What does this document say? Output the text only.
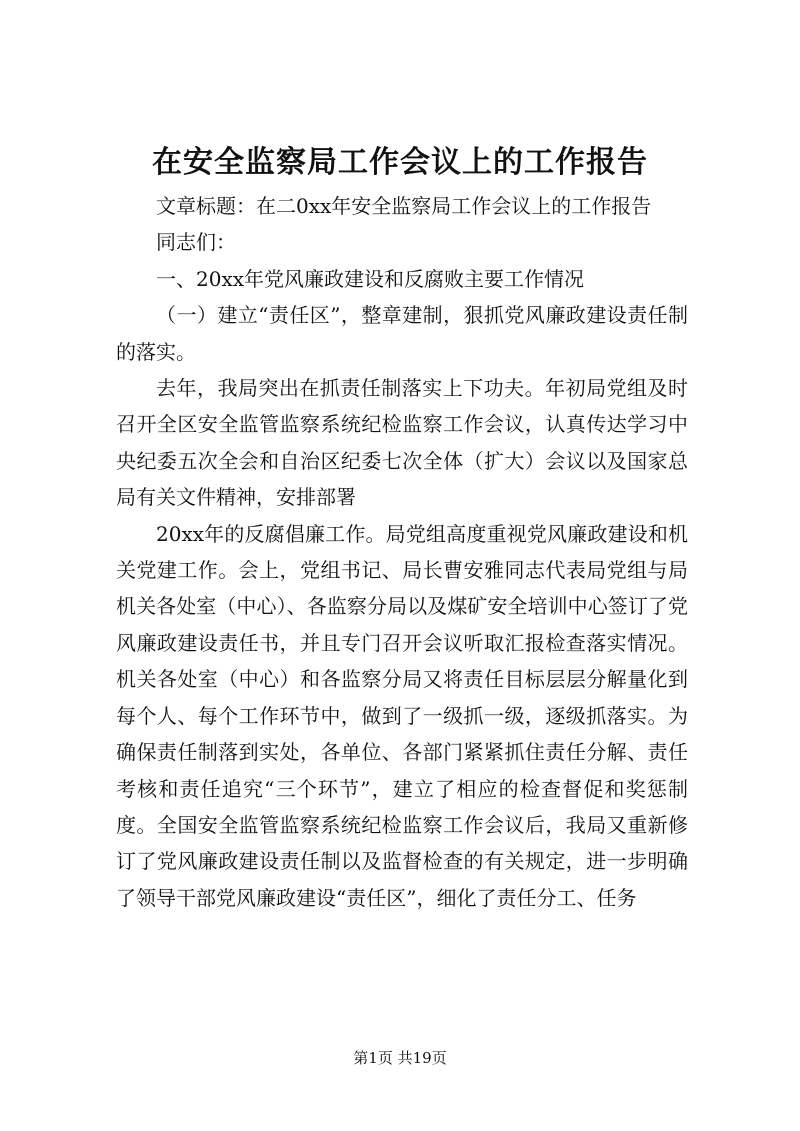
在安全监察局工作会议上的工作报告

文章标题：在二0xx年安全监察局工作会议上的工作报告

同志们：

一、20xx年党风廉政建设和反腐败主要工作情况

（一）建立“责任区”，整章建制，狠抓党风廉政建设责任制的落实。

去年，我局突出在抓责任制落实上下功夫。年初局党组及时召开全区安全监管监察系统纪检监察工作会议，认真传达学习中央纪委五次全会和自治区纪委七次全体（扩大）会议以及国家总局有关文件精神，安排部署

20xx年的反腐倡廉工作。局党组高度重视党风廉政建设和机关党建工作。会上，党组书记、局长曹安雅同志代表局党组与局机关各处室（中心）、各监察分局以及煤矿安全培训中心签订了党风廉政建设责任书，并且专门召开会议听取汇报检查落实情况。机关各处室（中心）和各监察分局又将责任目标层层分解量化到每个人、每个工作环节中，做到了一级抓一级，逐级抓落实。为确保责任制落到实处，各单位、各部门紧紧抓住责任分解、责任考核和责任追究“三个环节”，建立了相应的检查督促和奖惩制度。全国安全监管监察系统纪检监察工作会议后，我局又重新修订了党风廉政建设责任制以及监督检查的有关规定，进一步明确了领导干部党风廉政建设“责任区”，细化了责任分工、任务

第1页 共19页
